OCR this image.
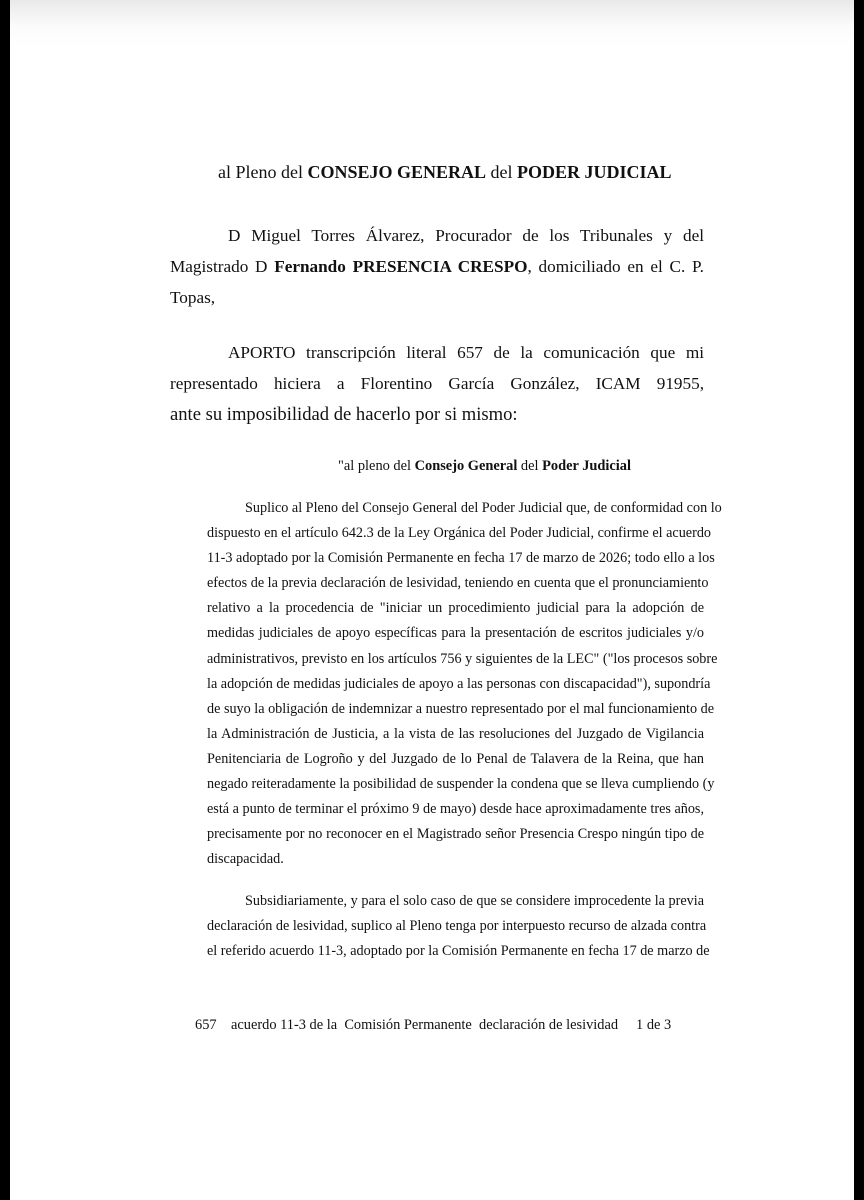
al Pleno del CONSEJO GENERAL del PODER JUDICIAL
D Miguel Torres Álvarez, Procurador de los Tribunales y del
Magistrado D Fernando PRESENCIA CRESPO, domiciliado en el C. P.
Topas,
APORTO transcripción literal 657 de la comunicación que mi
representado hiciera a Florentino García González, ICAM 91955,
ante su imposibilidad de hacerlo por si mismo:
"al pleno del Consejo General del Poder Judicial
Suplico al Pleno del Consejo General del Poder Judicial que, de conformidad con lo
dispuesto en el artículo 642.3 de la Ley Orgánica del Poder Judicial, confirme el acuerdo
11-3 adoptado por la Comisión Permanente en fecha 17 de marzo de 2026; todo ello a los
efectos de la previa declaración de lesividad, teniendo en cuenta que el pronunciamiento
relativo a la procedencia de "iniciar un procedimiento judicial para la adopción de
medidas judiciales de apoyo específicas para la presentación de escritos judiciales y/o
administrativos, previsto en los artículos 756 y siguientes de la LEC" ("los procesos sobre
la adopción de medidas judiciales de apoyo a las personas con discapacidad"), supondría
de suyo la obligación de indemnizar a nuestro representado por el mal funcionamiento de
la Administración de Justicia, a la vista de las resoluciones del Juzgado de Vigilancia
Penitenciaria de Logroño y del Juzgado de lo Penal de Talavera de la Reina, que han
negado reiteradamente la posibilidad de suspender la condena que se lleva cumpliendo (y
está a punto de terminar el próximo 9 de mayo) desde hace aproximadamente tres años,
precisamente por no reconocer en el Magistrado señor Presencia Crespo ningún tipo de
discapacidad.
Subsidiariamente, y para el solo caso de que se considere improcedente la previa
declaración de lesividad, suplico al Pleno tenga por interpuesto recurso de alzada contra
el referido acuerdo 11-3, adoptado por la Comisión Permanente en fecha 17 de marzo de
657    acuerdo 11-3 de la  Comisión Permanente  declaración de lesividad     1 de 3
